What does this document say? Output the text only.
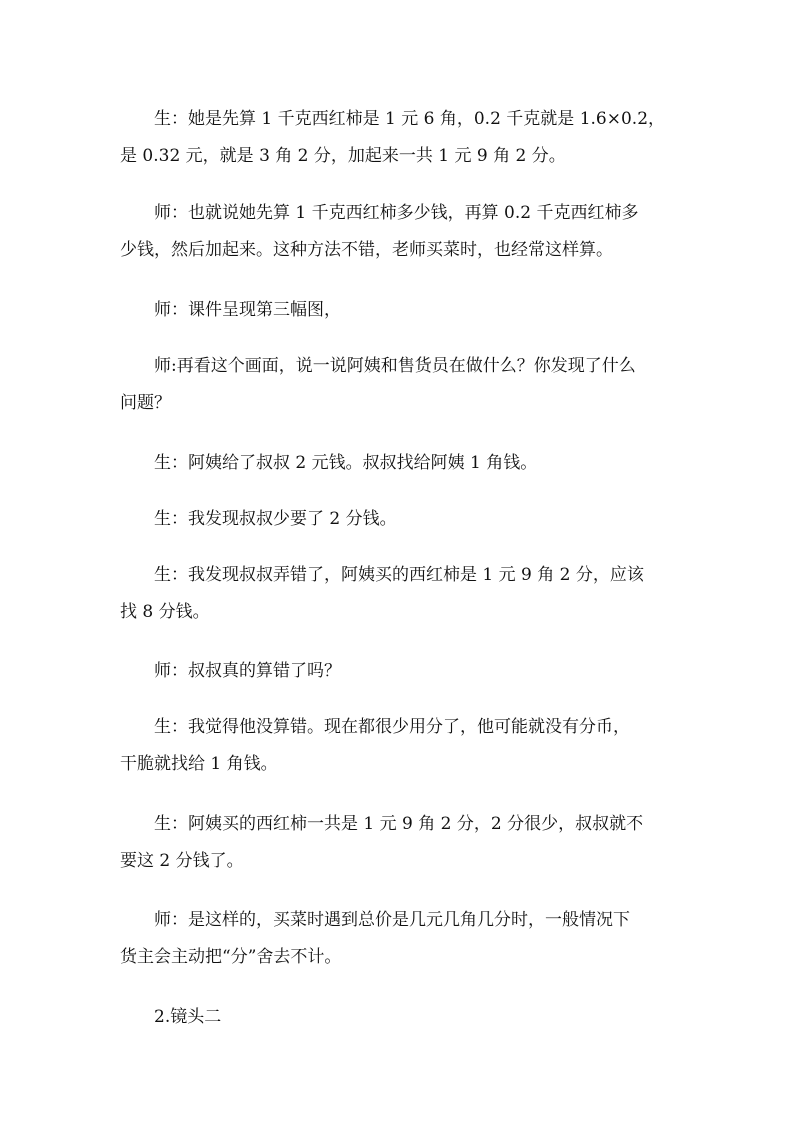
生：她是先算 1 千克西红柿是 1 元 6 角，0.2 千克就是 1.6×0.2，
是 0.32 元，就是 3 角 2 分，加起来一共 1 元 9 角 2 分。

师：也就说她先算 1 千克西红柿多少钱，再算 0.2 千克西红柿多
少钱，然后加起来。这种方法不错，老师买菜时，也经常这样算。

师：课件呈现第三幅图，

师:再看这个画面，说一说阿姨和售货员在做什么？你发现了什么
问题？

生：阿姨给了叔叔 2 元钱。叔叔找给阿姨 1 角钱。

生：我发现叔叔少要了 2 分钱。

生：我发现叔叔弄错了，阿姨买的西红柿是 1 元 9 角 2 分，应该
找 8 分钱。

师：叔叔真的算错了吗？

生：我觉得他没算错。现在都很少用分了，他可能就没有分币，
干脆就找给 1 角钱。

生：阿姨买的西红柿一共是 1 元 9 角 2 分，2 分很少，叔叔就不
要这 2 分钱了。

师：是这样的，买菜时遇到总价是几元几角几分时，一般情况下
货主会主动把“分”舍去不计。

2.镜头二
